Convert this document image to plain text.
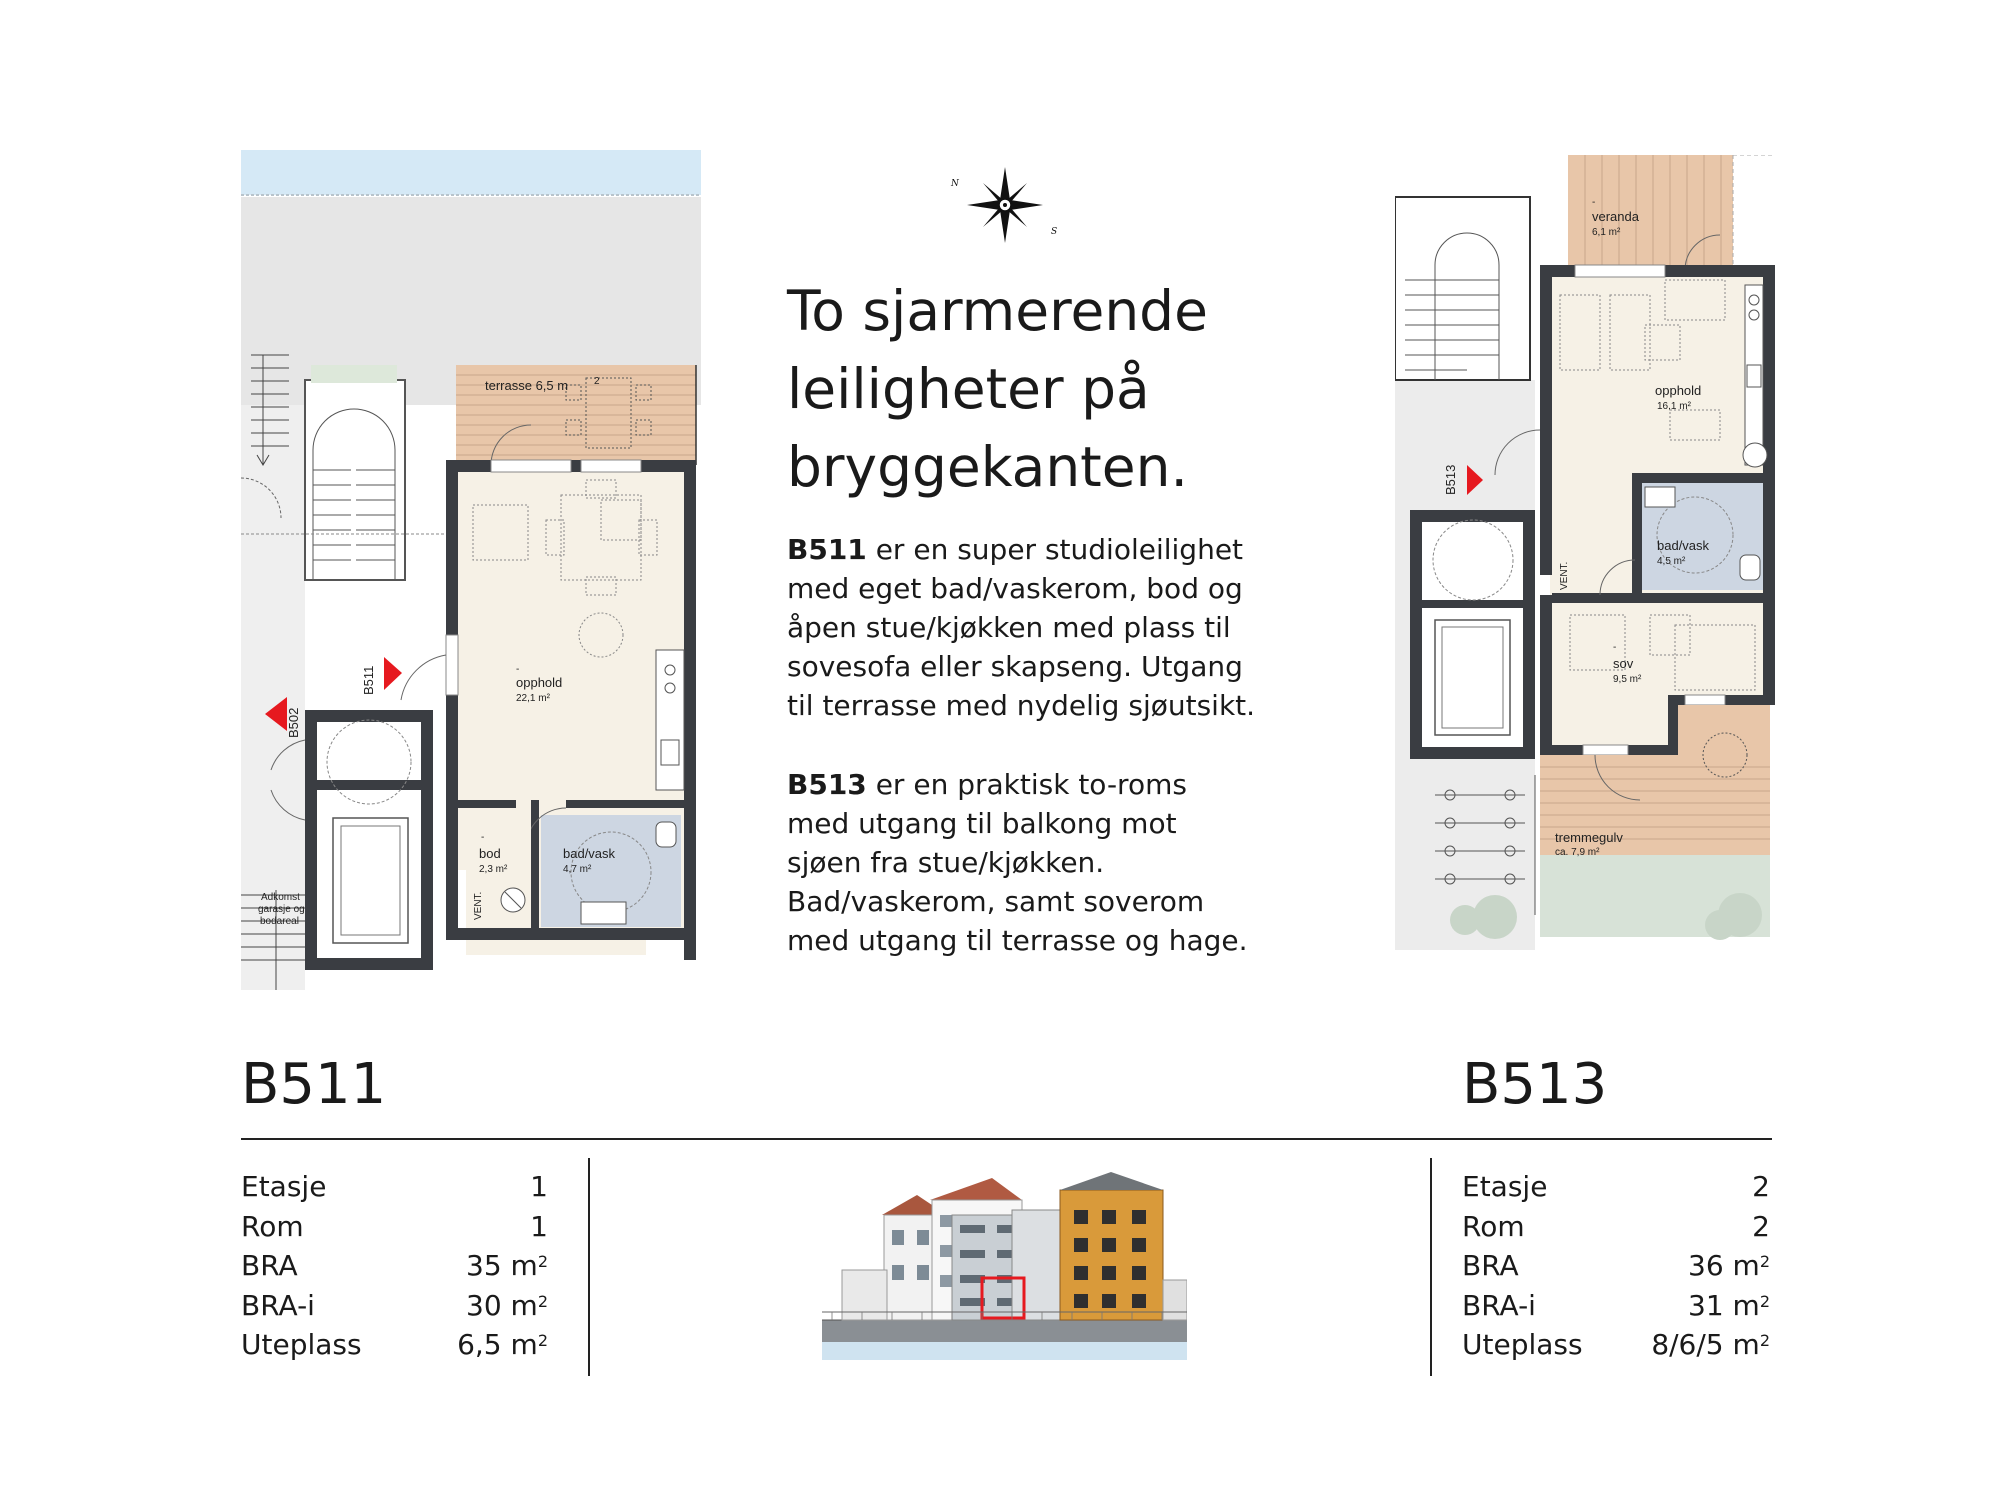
terrasse 6,5 m	2
-
opphold
22,1 m²
-
bod
2,3 m²
bad/vask
4,7 m²
VENT.
B511
B502
Adkomst
garasje og
bodareal
N
S
To sjarmerende leiligheter på bryggekanten.

B511 er en super studioleilighet med eget bad/vaskerom, bod og åpen stue/kjøkken med plass til sovesofa eller skapseng. Utgang til terrasse med nydelig sjøutsikt.

B513 er en praktisk to-roms med utgang til balkong mot sjøen fra stue/kjøkken. Bad/vaskerom, samt soverom med utgang til terrasse og hage.

-
veranda
6,1 m²
opphold
16,1 m²
bad/vask
4,5 m²
-
sov
9,5 m²
tremmegulv
ca. 7,9 m²
VENT.
B513
B511	B513
Etasje	1
Rom	1
BRA	35 $m^2$
BRA-i	30 $m^2$
Uteplass	6,5 $m^2$
Etasje	2
Rom	2
BRA	36 $m^2$
BRA-i	31 $m^2$
Uteplass 8/6/5 $m^2$
